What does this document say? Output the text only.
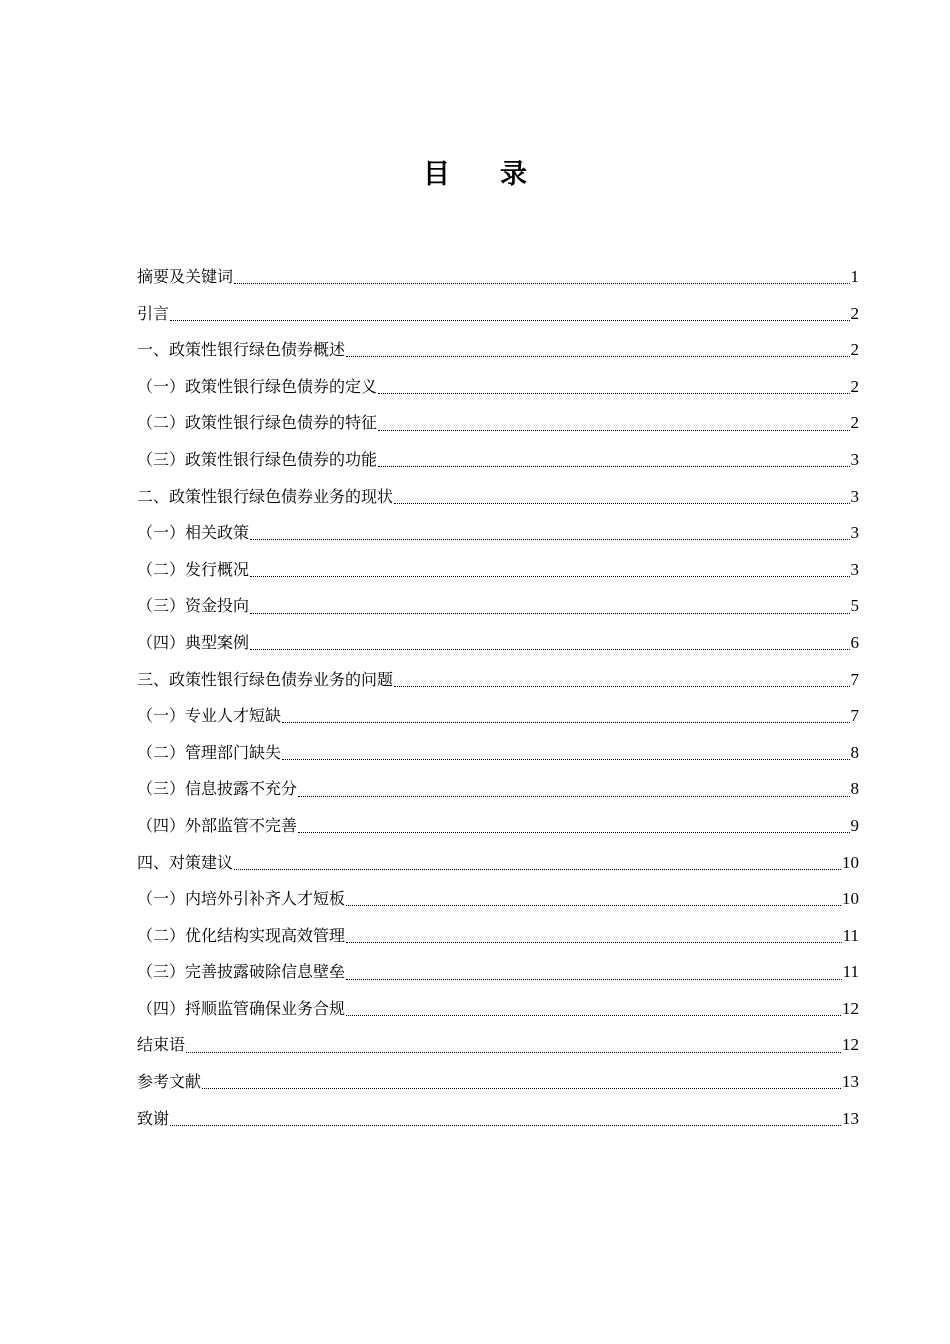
目 录
摘要及关键词	1
引言	2
一、政策性银行绿色债券概述	2
（一）政策性银行绿色债券的定义	2
（二）政策性银行绿色债券的特征	2
（三）政策性银行绿色债券的功能	3
二、政策性银行绿色债券业务的现状	3
（一）相关政策	3
（二）发行概况	3
（三）资金投向	5
（四）典型案例	6
三、政策性银行绿色债券业务的问题	7
（一）专业人才短缺	7
（二）管理部门缺失	8
（三）信息披露不充分	8
（四）外部监管不完善	9
四、对策建议	10
（一）内培外引补齐人才短板	10
（二）优化结构实现高效管理	11
（三）完善披露破除信息壁垒	11
（四）捋顺监管确保业务合规	12
结束语	12
参考文献	13
致谢	13
